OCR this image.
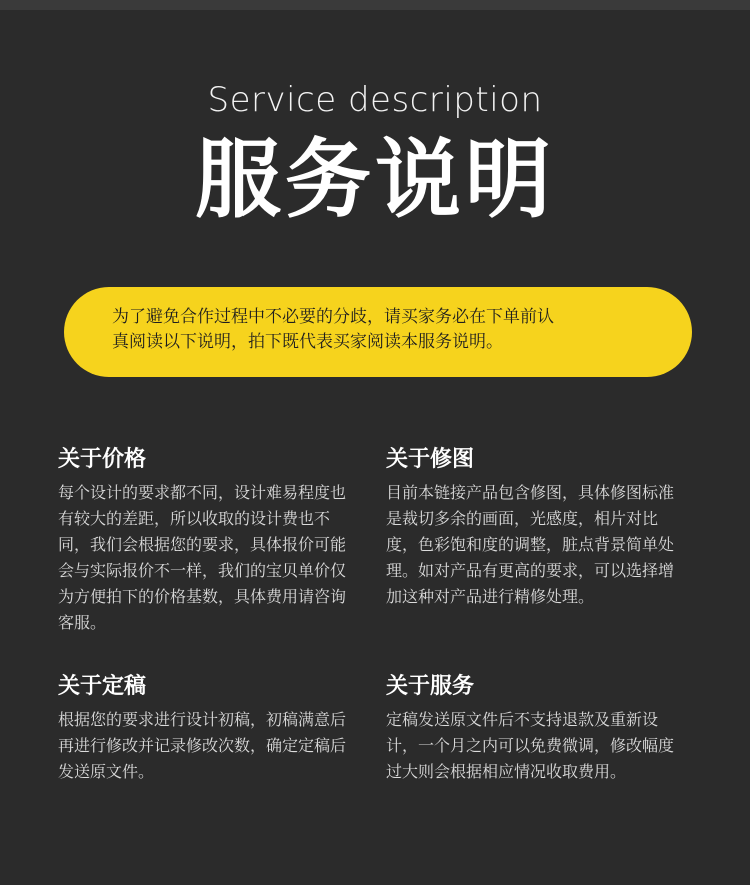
Service description
服务说明
为了避免合作过程中不必要的分歧，请买家务必在下单前认
真阅读以下说明，拍下既代表买家阅读本服务说明。
关于价格

每个设计的要求都不同，设计难易程度也有较大的差距，所以收取的设计费也不同，我们会根据您的要求，具体报价可能会与实际报价不一样，我们的宝贝单价仅为方便拍下的价格基数，具体费用请咨询客服。

关于修图

目前本链接产品包含修图，具体修图标准是裁切多余的画面，光感度，相片对比度，色彩饱和度的调整，脏点背景简单处理。如对产品有更高的要求，可以选择增加这种对产品进行精修处理。

关于定稿

根据您的要求进行设计初稿，初稿满意后再进行修改并记录修改次数，确定定稿后发送原文件。

关于服务

定稿发送原文件后不支持退款及重新设计，一个月之内可以免费微调，修改幅度过大则会根据相应情况收取费用。
